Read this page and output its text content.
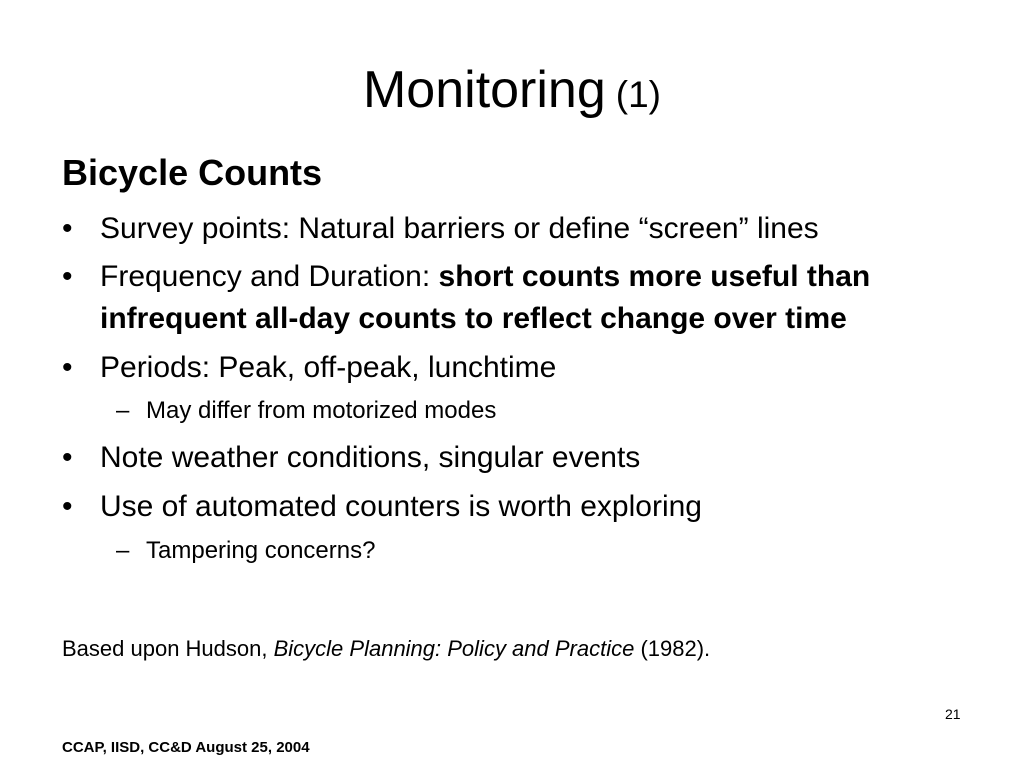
Monitoring (1)
Bicycle Counts
• Survey points: Natural barriers or define “screen” lines
• Frequency and Duration: short counts more useful than
infrequent all-day counts to reflect change over time
• Periods: Peak, off-peak, lunchtime
– May differ from motorized modes
• Note weather conditions, singular events
• Use of automated counters is worth exploring
– Tampering concerns?
Based upon Hudson, Bicycle Planning: Policy and Practice (1982).
21
CCAP, IISD, CC&D August 25, 2004
